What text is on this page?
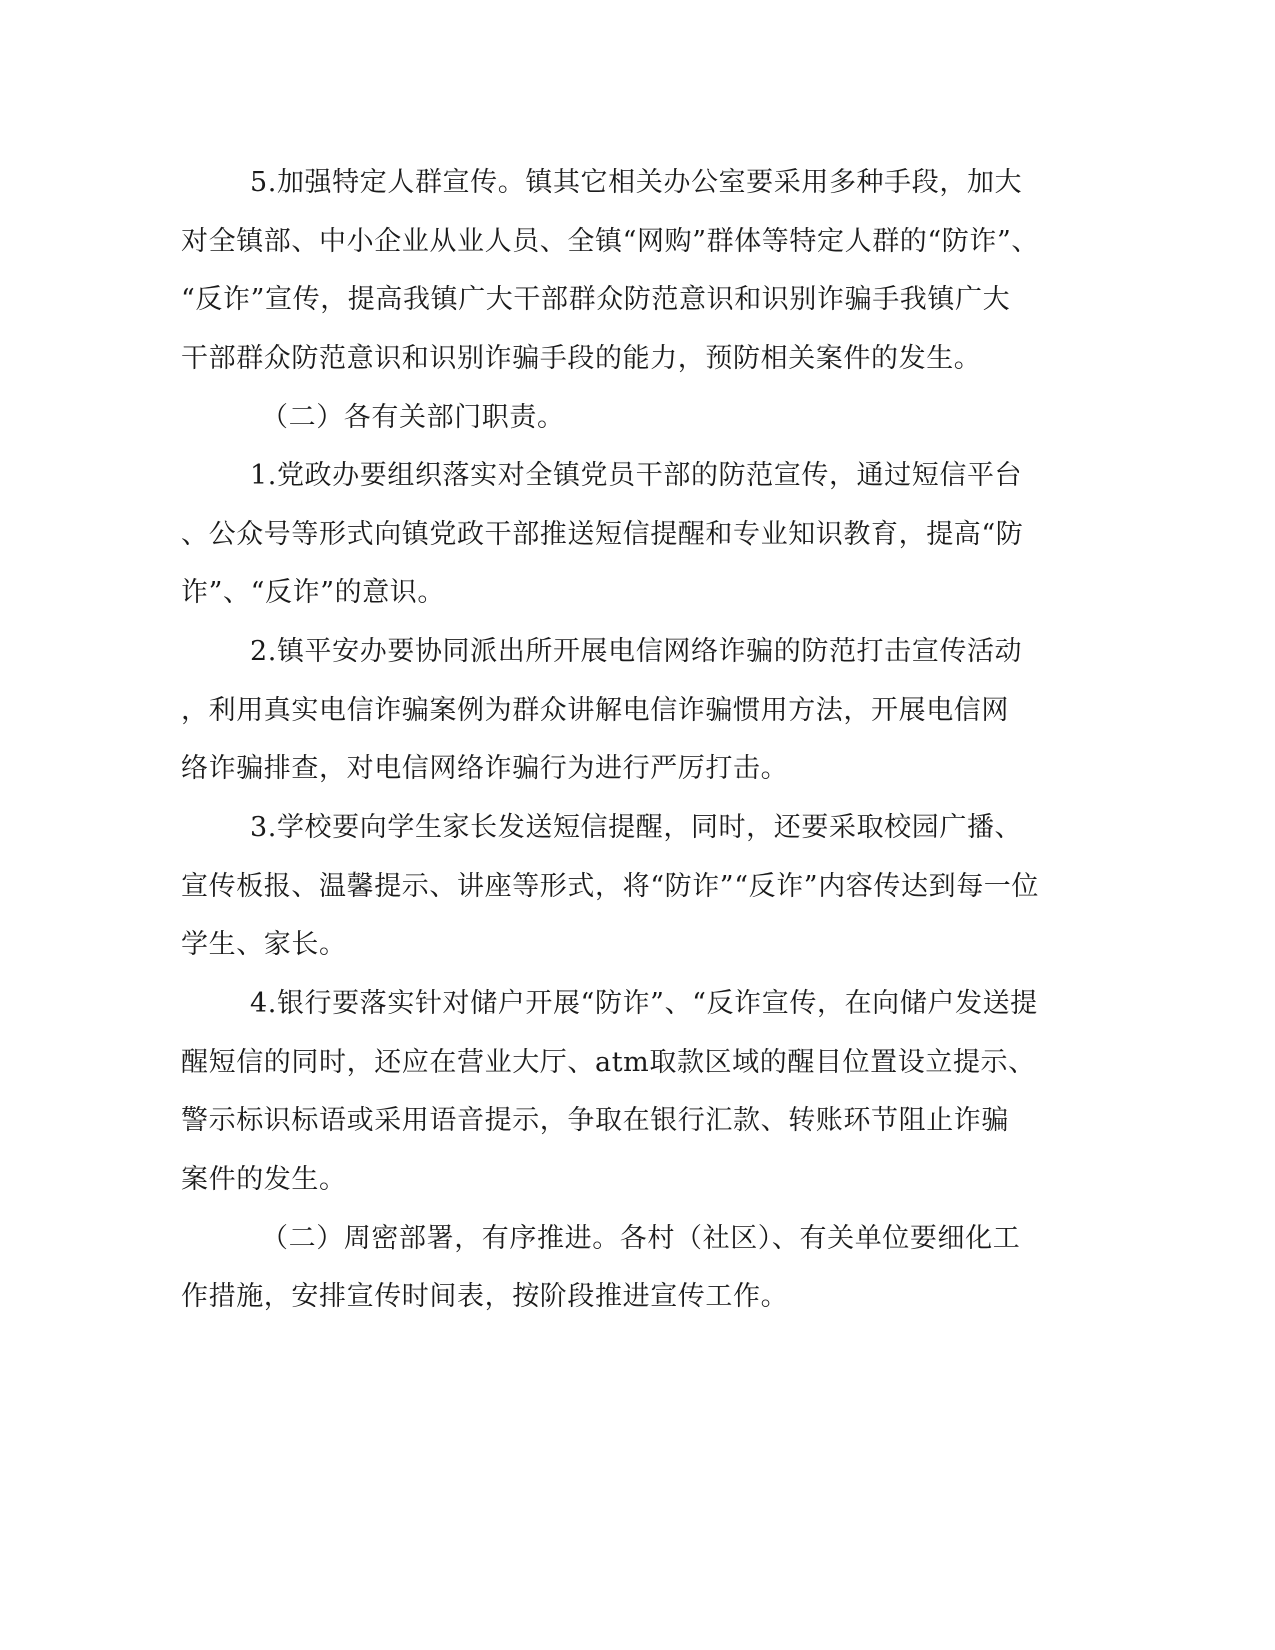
5.加强特定人群宣传。镇其它相关办公室要采用多种手段，加大
对全镇部、中小企业从业人员、全镇“网购”群体等特定人群的“防诈”、
“反诈”宣传，提高我镇广大干部群众防范意识和识别诈骗手我镇广大
干部群众防范意识和识别诈骗手段的能力，预防相关案件的发生。
（二）各有关部门职责。
1.党政办要组织落实对全镇党员干部的防范宣传，通过短信平台
、公众号等形式向镇党政干部推送短信提醒和专业知识教育，提高“防
诈”、“反诈”的意识。
2.镇平安办要协同派出所开展电信网络诈骗的防范打击宣传活动
，利用真实电信诈骗案例为群众讲解电信诈骗惯用方法，开展电信网
络诈骗排查，对电信网络诈骗行为进行严厉打击。
3.学校要向学生家长发送短信提醒，同时，还要采取校园广播、
宣传板报、温馨提示、讲座等形式，将“防诈”“反诈”内容传达到每一位
学生、家长。
4.银行要落实针对储户开展“防诈”、“反诈宣传，在向储户发送提
醒短信的同时，还应在营业大厅、atm取款区域的醒目位置设立提示、
警示标识标语或采用语音提示，争取在银行汇款、转账环节阻止诈骗
案件的发生。
（二）周密部署，有序推进。各村（社区）、有关单位要细化工
作措施，安排宣传时间表，按阶段推进宣传工作。
